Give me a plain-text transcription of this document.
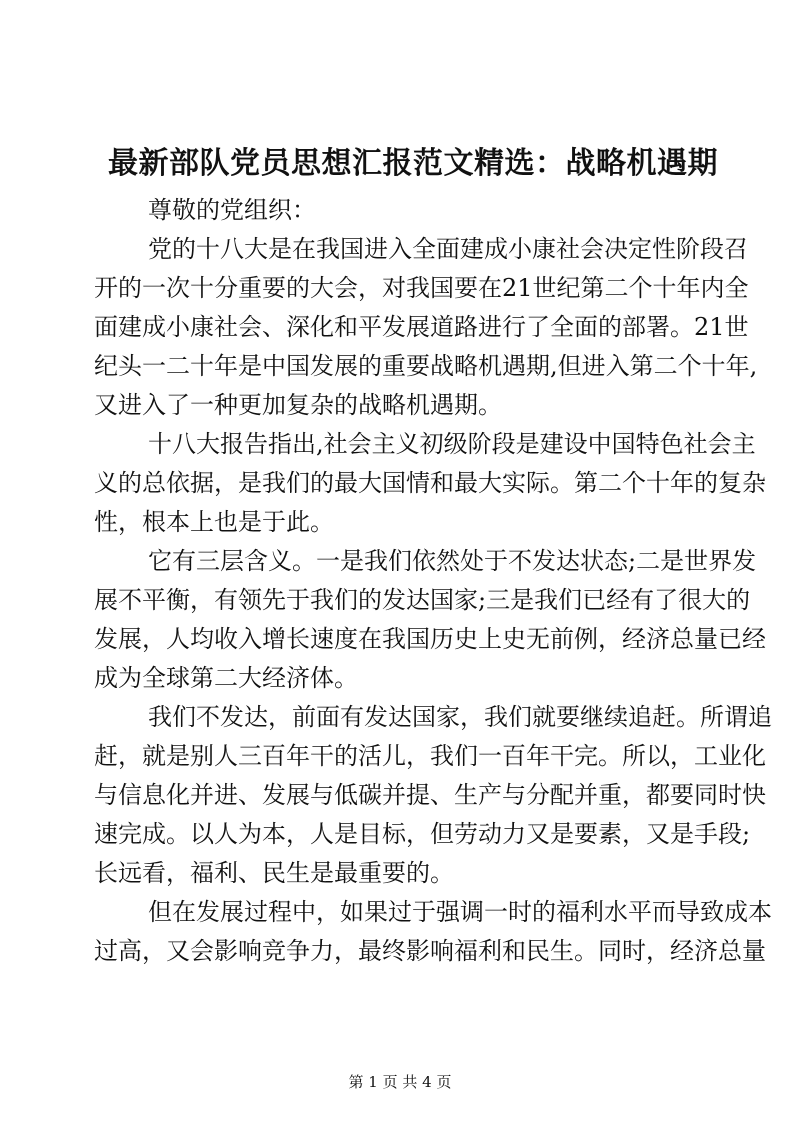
最新部队党员思想汇报范文精选：战略机遇期

尊敬的党组织：

党的十八大是在我国进入全面建成小康社会决定性阶段召

开的一次十分重要的大会，对我国要在21世纪第二个十年内全

面建成小康社会、深化和平发展道路进行了全面的部署。21世

纪头一二十年是中国发展的重要战略机遇期,但进入第二个十年,

又进入了一种更加复杂的战略机遇期。

十八大报告指出,社会主义初级阶段是建设中国特色社会主

义的总依据，是我们的最大国情和最大实际。第二个十年的复杂

性，根本上也是于此。

它有三层含义。一是我们依然处于不发达状态;二是世界发

展不平衡，有领先于我们的发达国家;三是我们已经有了很大的

发展，人均收入增长速度在我国历史上史无前例，经济总量已经

成为全球第二大经济体。

我们不发达，前面有发达国家，我们就要继续追赶。所谓追

赶，就是别人三百年干的活儿，我们一百年干完。所以，工业化

与信息化并进、发展与低碳并提、生产与分配并重，都要同时快

速完成。以人为本，人是目标，但劳动力又是要素，又是手段;

长远看，福利、民生是最重要的。

但在发展过程中，如果过于强调一时的福利水平而导致成本

过高，又会影响竞争力，最终影响福利和民生。同时，经济总量

第 1 页 共 4 页
